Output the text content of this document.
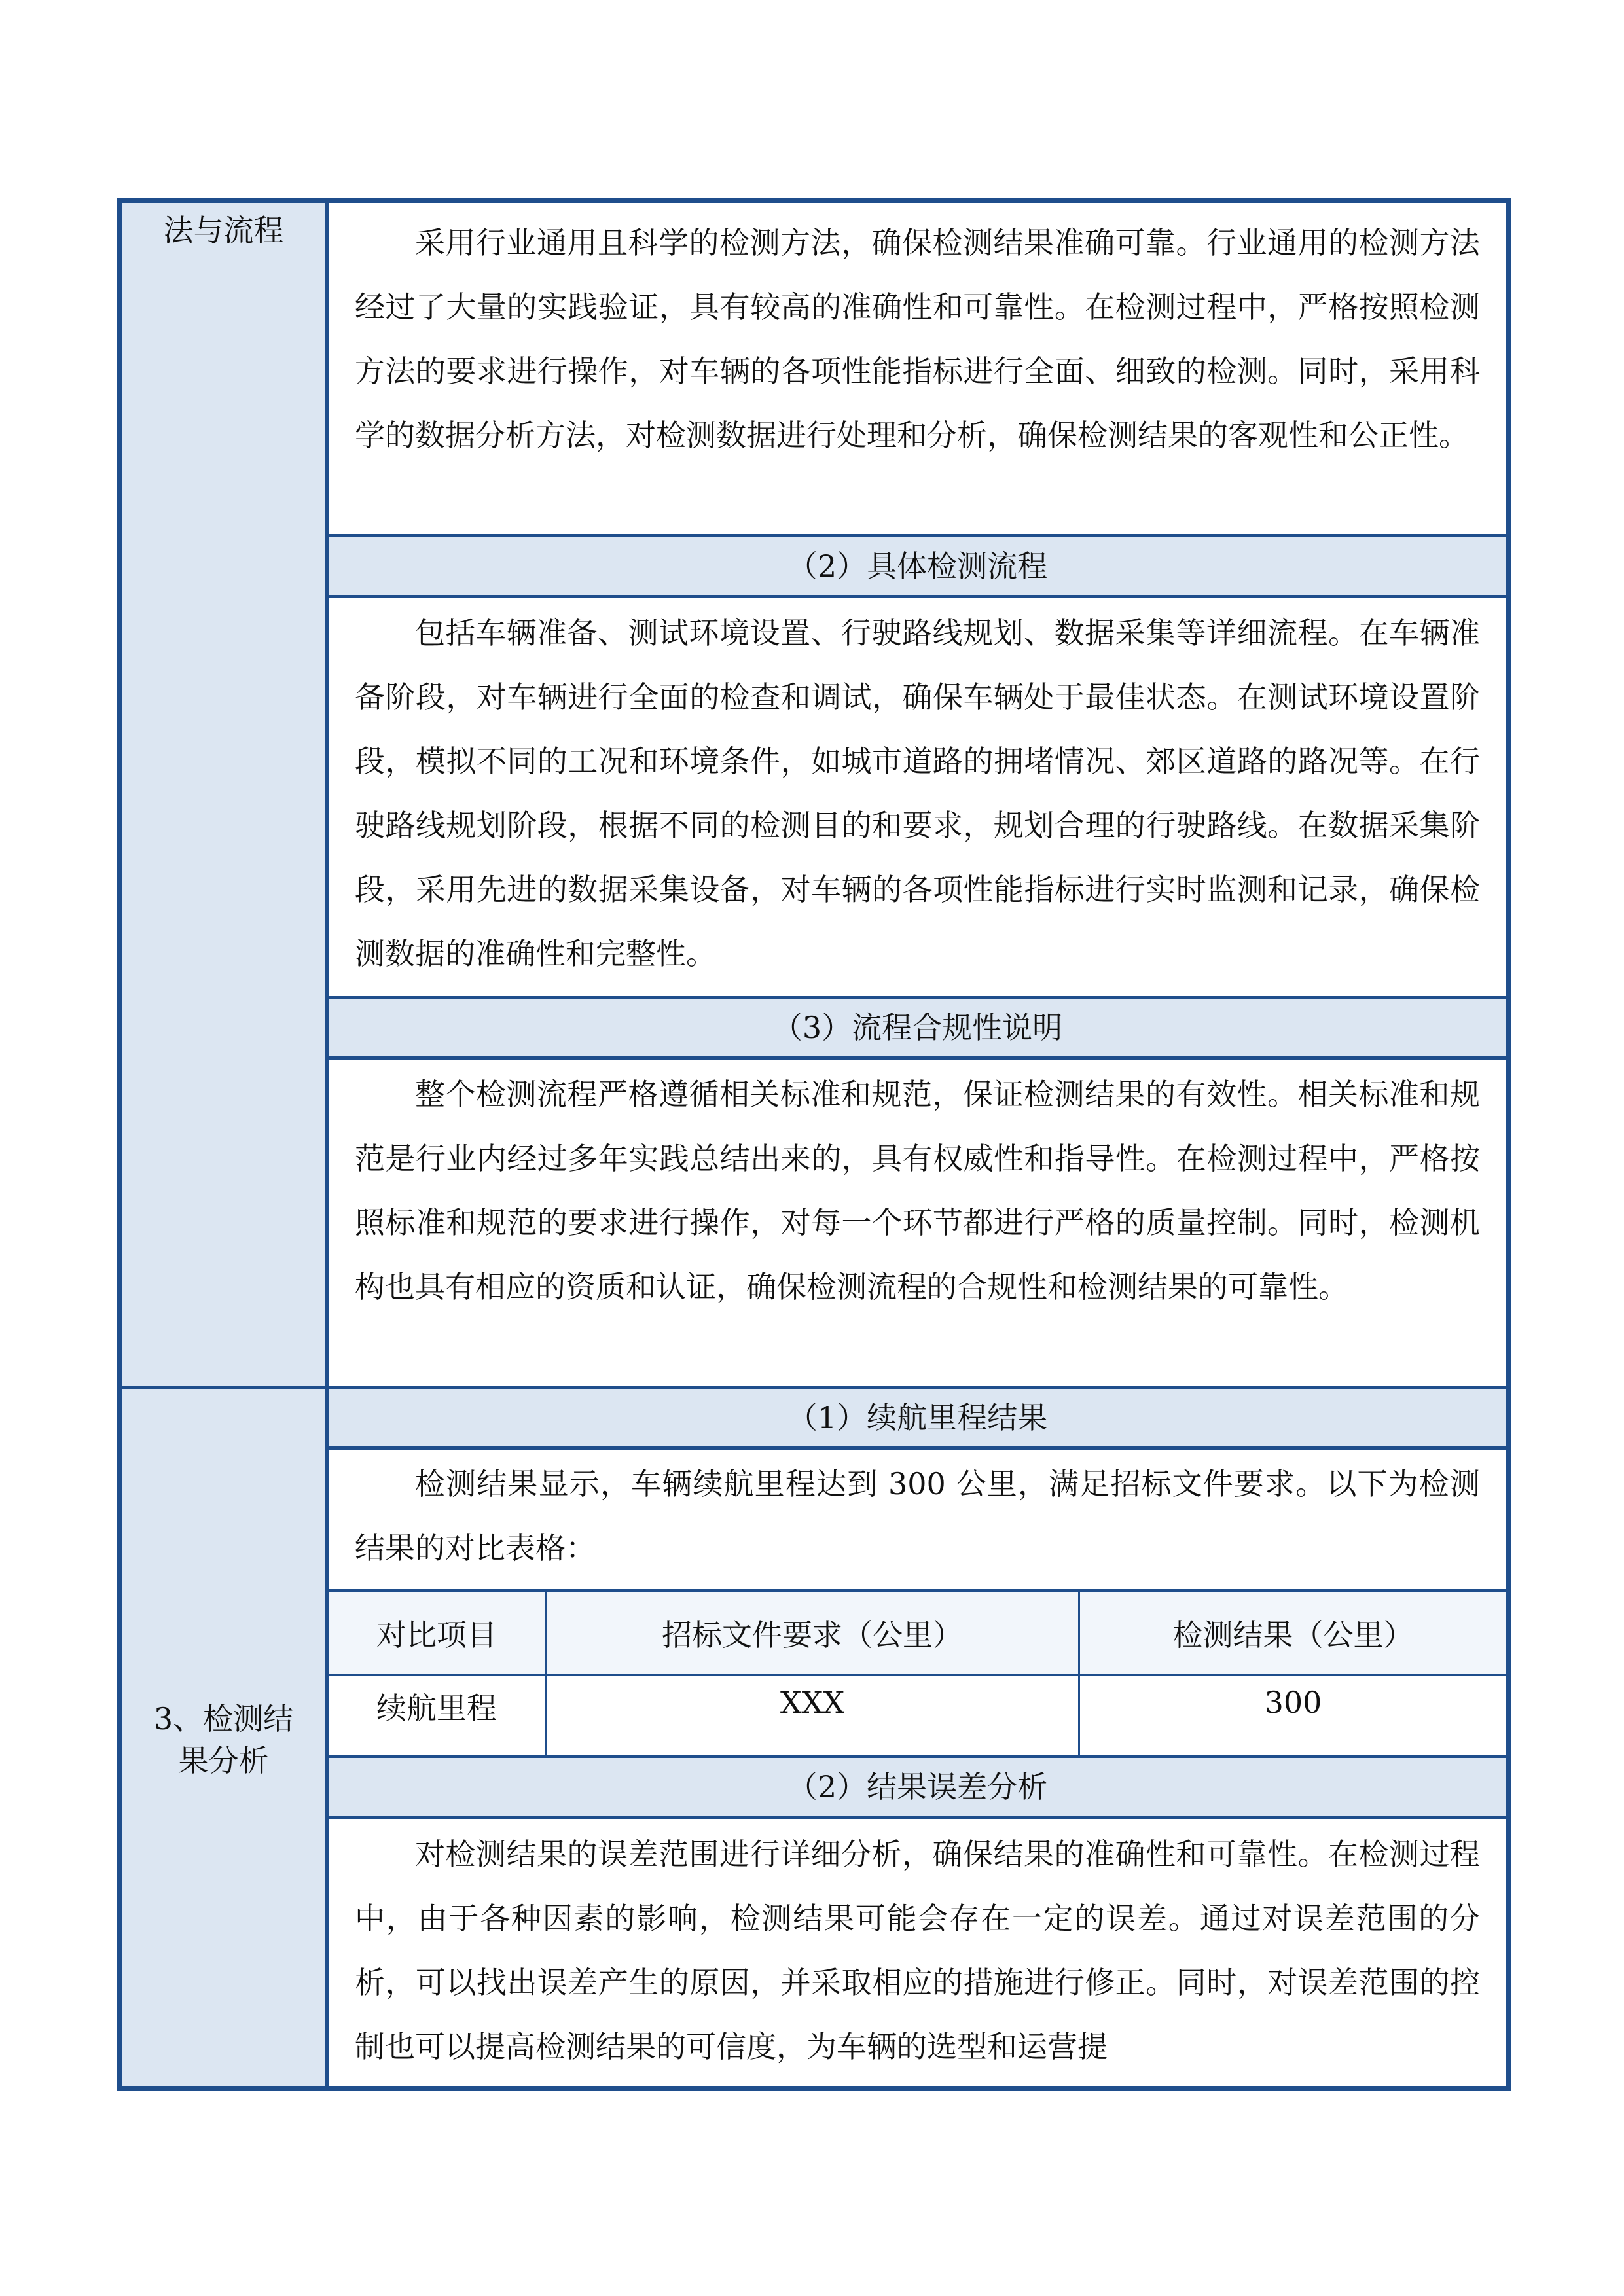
法与流程	采用行业通用且科学的检测方法，确保检测结果准确可靠。行业通用的检测方法经过了大量的实践验证，具有较高的准确性和可靠性。在检测过程中，严格按照检测方法的要求进行操作，对车辆的各项性能指标进行全面、细致的检测。同时，采用科学的数据分析方法，对检测数据进行处理和分析，确保检测结果的客观性和公正性。

（2）具体检测流程

包括车辆准备、测试环境设置、行驶路线规划、数据采集等详细流程。在车辆准备阶段，对车辆进行全面的检查和调试，确保车辆处于最佳状态。在测试环境设置阶段，模拟不同的工况和环境条件，如城市道路的拥堵情况、郊区道路的路况等。在行驶路线规划阶段，根据不同的检测目的和要求，规划合理的行驶路线。在数据采集阶段，采用先进的数据采集设备，对车辆的各项性能指标进行实时监测和记录，确保检测数据的准确性和完整性。

（3）流程合规性说明

整个检测流程严格遵循相关标准和规范，保证检测结果的有效性。相关标准和规范是行业内经过多年实践总结出来的，具有权威性和指导性。在检测过程中，严格按照标准和规范的要求进行操作，对每一个环节都进行严格的质量控制。同时，检测机构也具有相应的资质和认证，确保检测流程的合规性和检测结果的可靠性。

3、检测结
果分析
（1）续航里程结果

检测结果显示，车辆续航里程达到 300 公里，满足招标文件要求。以下为检测结果的对比表格：

对比项目	招标文件要求（公里）	检测结果（公里）
续航里程	XXX	300
（2）结果误差分析

对检测结果的误差范围进行详细分析，确保结果的准确性和可靠性。在检测过程中，由于各种因素的影响，检测结果可能会存在一定的误差。通过对误差范围的分析，可以找出误差产生的原因，并采取相应的措施进行修正。同时，对误差范围的控制也可以提高检测结果的可信度，为车辆的选型和运营提
